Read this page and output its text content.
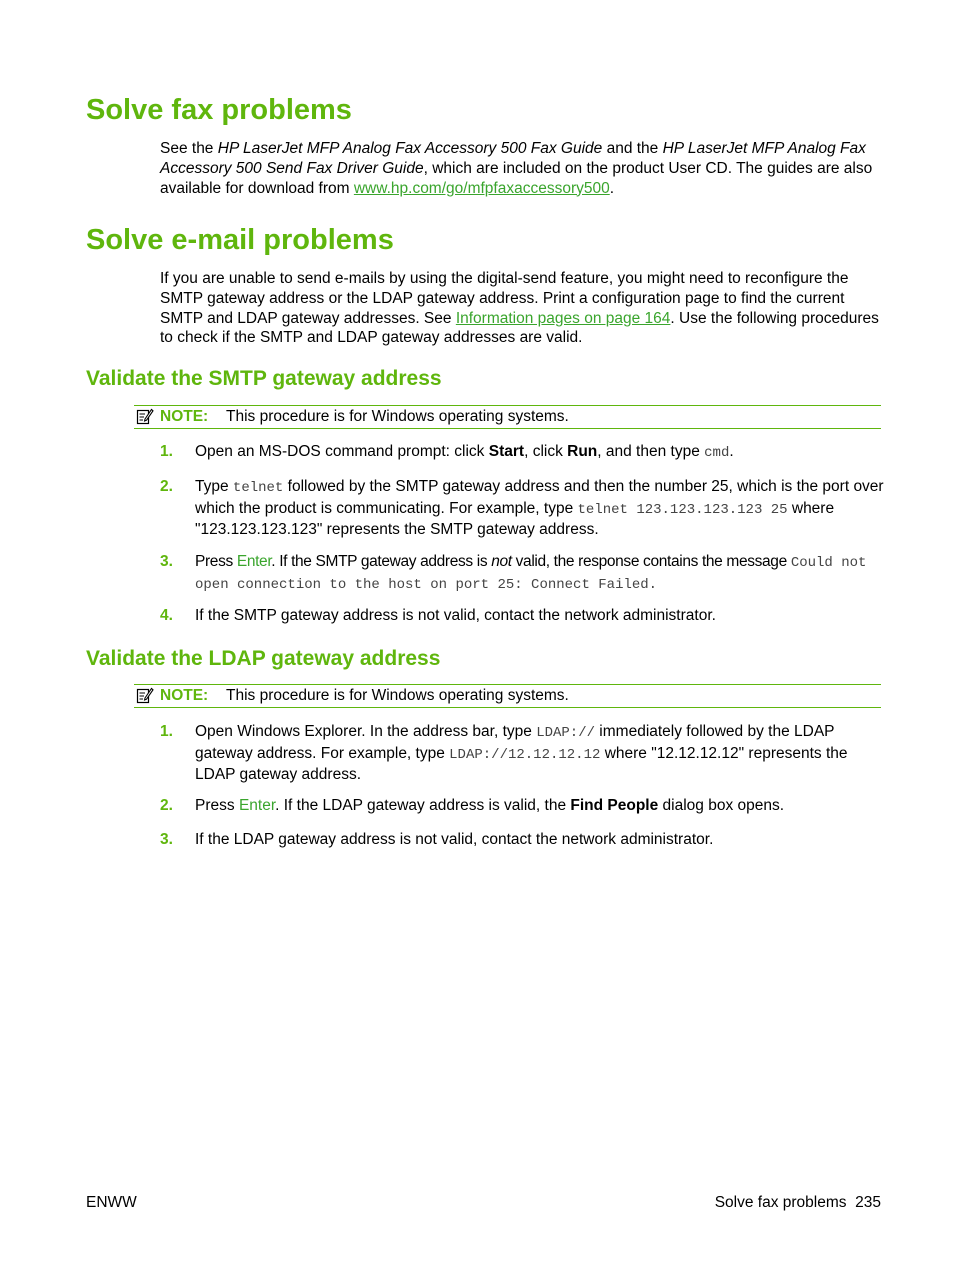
Solve fax problems
See the HP LaserJet MFP Analog Fax Accessory 500 Fax Guide and the HP LaserJet MFP Analog Fax Accessory 500 Send Fax Driver Guide, which are included on the product User CD. The guides are also available for download from www.hp.com/go/mfpfaxaccessory500.
Solve e-mail problems
If you are unable to send e-mails by using the digital-send feature, you might need to reconfigure the SMTP gateway address or the LDAP gateway address. Print a configuration page to find the current SMTP and LDAP gateway addresses. See Information pages on page 164. Use the following procedures to check if the SMTP and LDAP gateway addresses are valid.
Validate the SMTP gateway address
NOTE: This procedure is for Windows operating systems.
1. Open an MS-DOS command prompt: click Start, click Run, and then type cmd.
2. Type telnet followed by the SMTP gateway address and then the number 25, which is the port over which the product is communicating. For example, type telnet 123.123.123.123 25 where "123.123.123.123" represents the SMTP gateway address.
3. Press Enter. If the SMTP gateway address is not valid, the response contains the message Could not open connection to the host on port 25: Connect Failed.
4. If the SMTP gateway address is not valid, contact the network administrator.
Validate the LDAP gateway address
NOTE: This procedure is for Windows operating systems.
1. Open Windows Explorer. In the address bar, type LDAP:// immediately followed by the LDAP gateway address. For example, type LDAP://12.12.12.12 where "12.12.12.12" represents the LDAP gateway address.
2. Press Enter. If the LDAP gateway address is valid, the Find People dialog box opens.
3. If the LDAP gateway address is not valid, contact the network administrator.
ENWW	Solve fax problems 235
